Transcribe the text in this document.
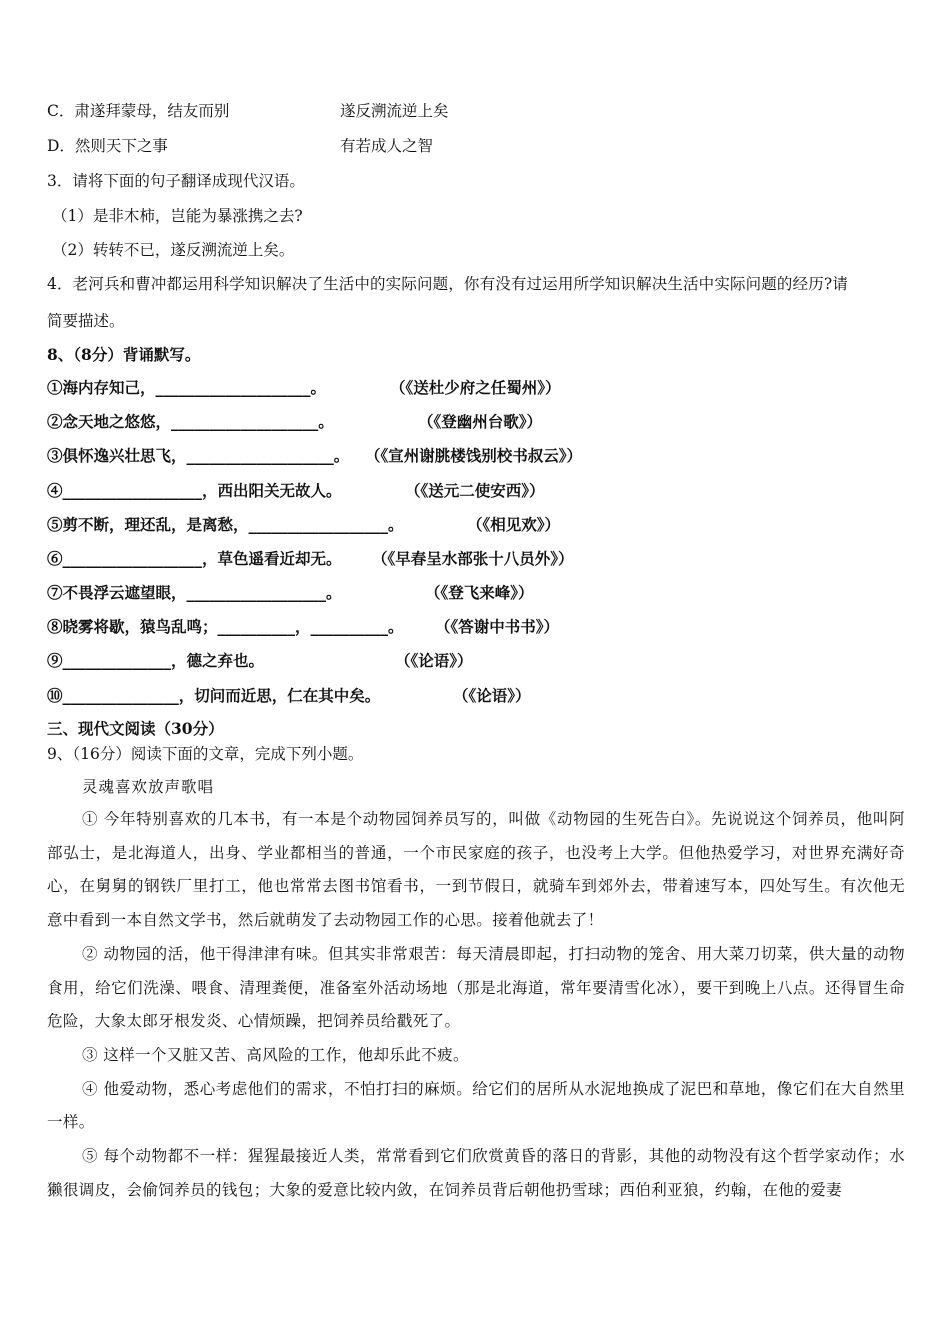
C．肃遂拜蒙母，结友而别	遂反溯流逆上矣
D．然则天下之事	有若成人之智
3．请将下面的句子翻译成现代汉语。
（1）是非木柿，岂能为暴涨携之去?
（2）转转不已，遂反溯流逆上矣。
4．老河兵和曹冲都运用科学知识解决了生活中的实际问题，你有没有过运用所学知识解决生活中实际问题的经历?请
简要描述。
8、（8分）背诵默写。
①海内存知己，____________________。	（《送杜少府之任蜀州》）
②念天地之悠悠，___________________。	（《登幽州台歌》）
③俱怀逸兴壮思飞，___________________。 （《宣州谢朓楼饯别校书叔云》）
④__________________，西出阳关无故人。	（《送元二使安西》）
⑤剪不断，理还乱，是离愁，__________________。	（《相见欢》）
⑥__________________，草色遥看近却无。 （《早春呈水部张十八员外》）
⑦不畏浮云遮望眼，__________________。	（《登飞来峰》）
⑧晓雾将歇，猿鸟乱鸣；__________，__________。 （《答谢中书书》）
⑨______________，德之弃也。	（《论语》）
⑩_______________，切问而近思，仁在其中矣。	（《论语》）
三、现代文阅读（30分）
9、（16分）阅读下面的文章，完成下列小题。
灵魂喜欢放声歌唱
① 今年特别喜欢的几本书，有一本是个动物园饲养员写的，叫做《动物园的生死告白》。先说说这个饲养员，他叫阿部弘士，是北海道人，出身、学业都相当的普通，一个市民家庭的孩子，也没考上大学。但他热爱学习，对世界充满好奇心，在舅舅的钢铁厂里打工，他也常常去图书馆看书，一到节假日，就骑车到郊外去，带着速写本，四处写生。有次他无意中看到一本自然文学书，然后就萌发了去动物园工作的心思。接着他就去了！
② 动物园的活，他干得津津有味。但其实非常艰苦：每天清晨即起，打扫动物的笼舍、用大菜刀切菜，供大量的动物食用，给它们洗澡、喂食、清理粪便，准备室外活动场地（那是北海道，常年要清雪化冰），要干到晚上八点。还得冒生命危险，大象太郎牙根发炎、心情烦躁，把饲养员给戳死了。
③ 这样一个又脏又苦、高风险的工作，他却乐此不疲。
④ 他爱动物，悉心考虑他们的需求，不怕打扫的麻烦。给它们的居所从水泥地换成了泥巴和草地，像它们在大自然里一样。
⑤ 每个动物都不一样：猩猩最接近人类，常常看到它们欣赏黄昏的落日的背影，其他的动物没有这个哲学家动作；水獭很调皮，会偷饲养员的钱包；大象的爱意比较内敛，在饲养员背后朝他扔雪球；西伯利亚狼，约翰，在他的爱妻
